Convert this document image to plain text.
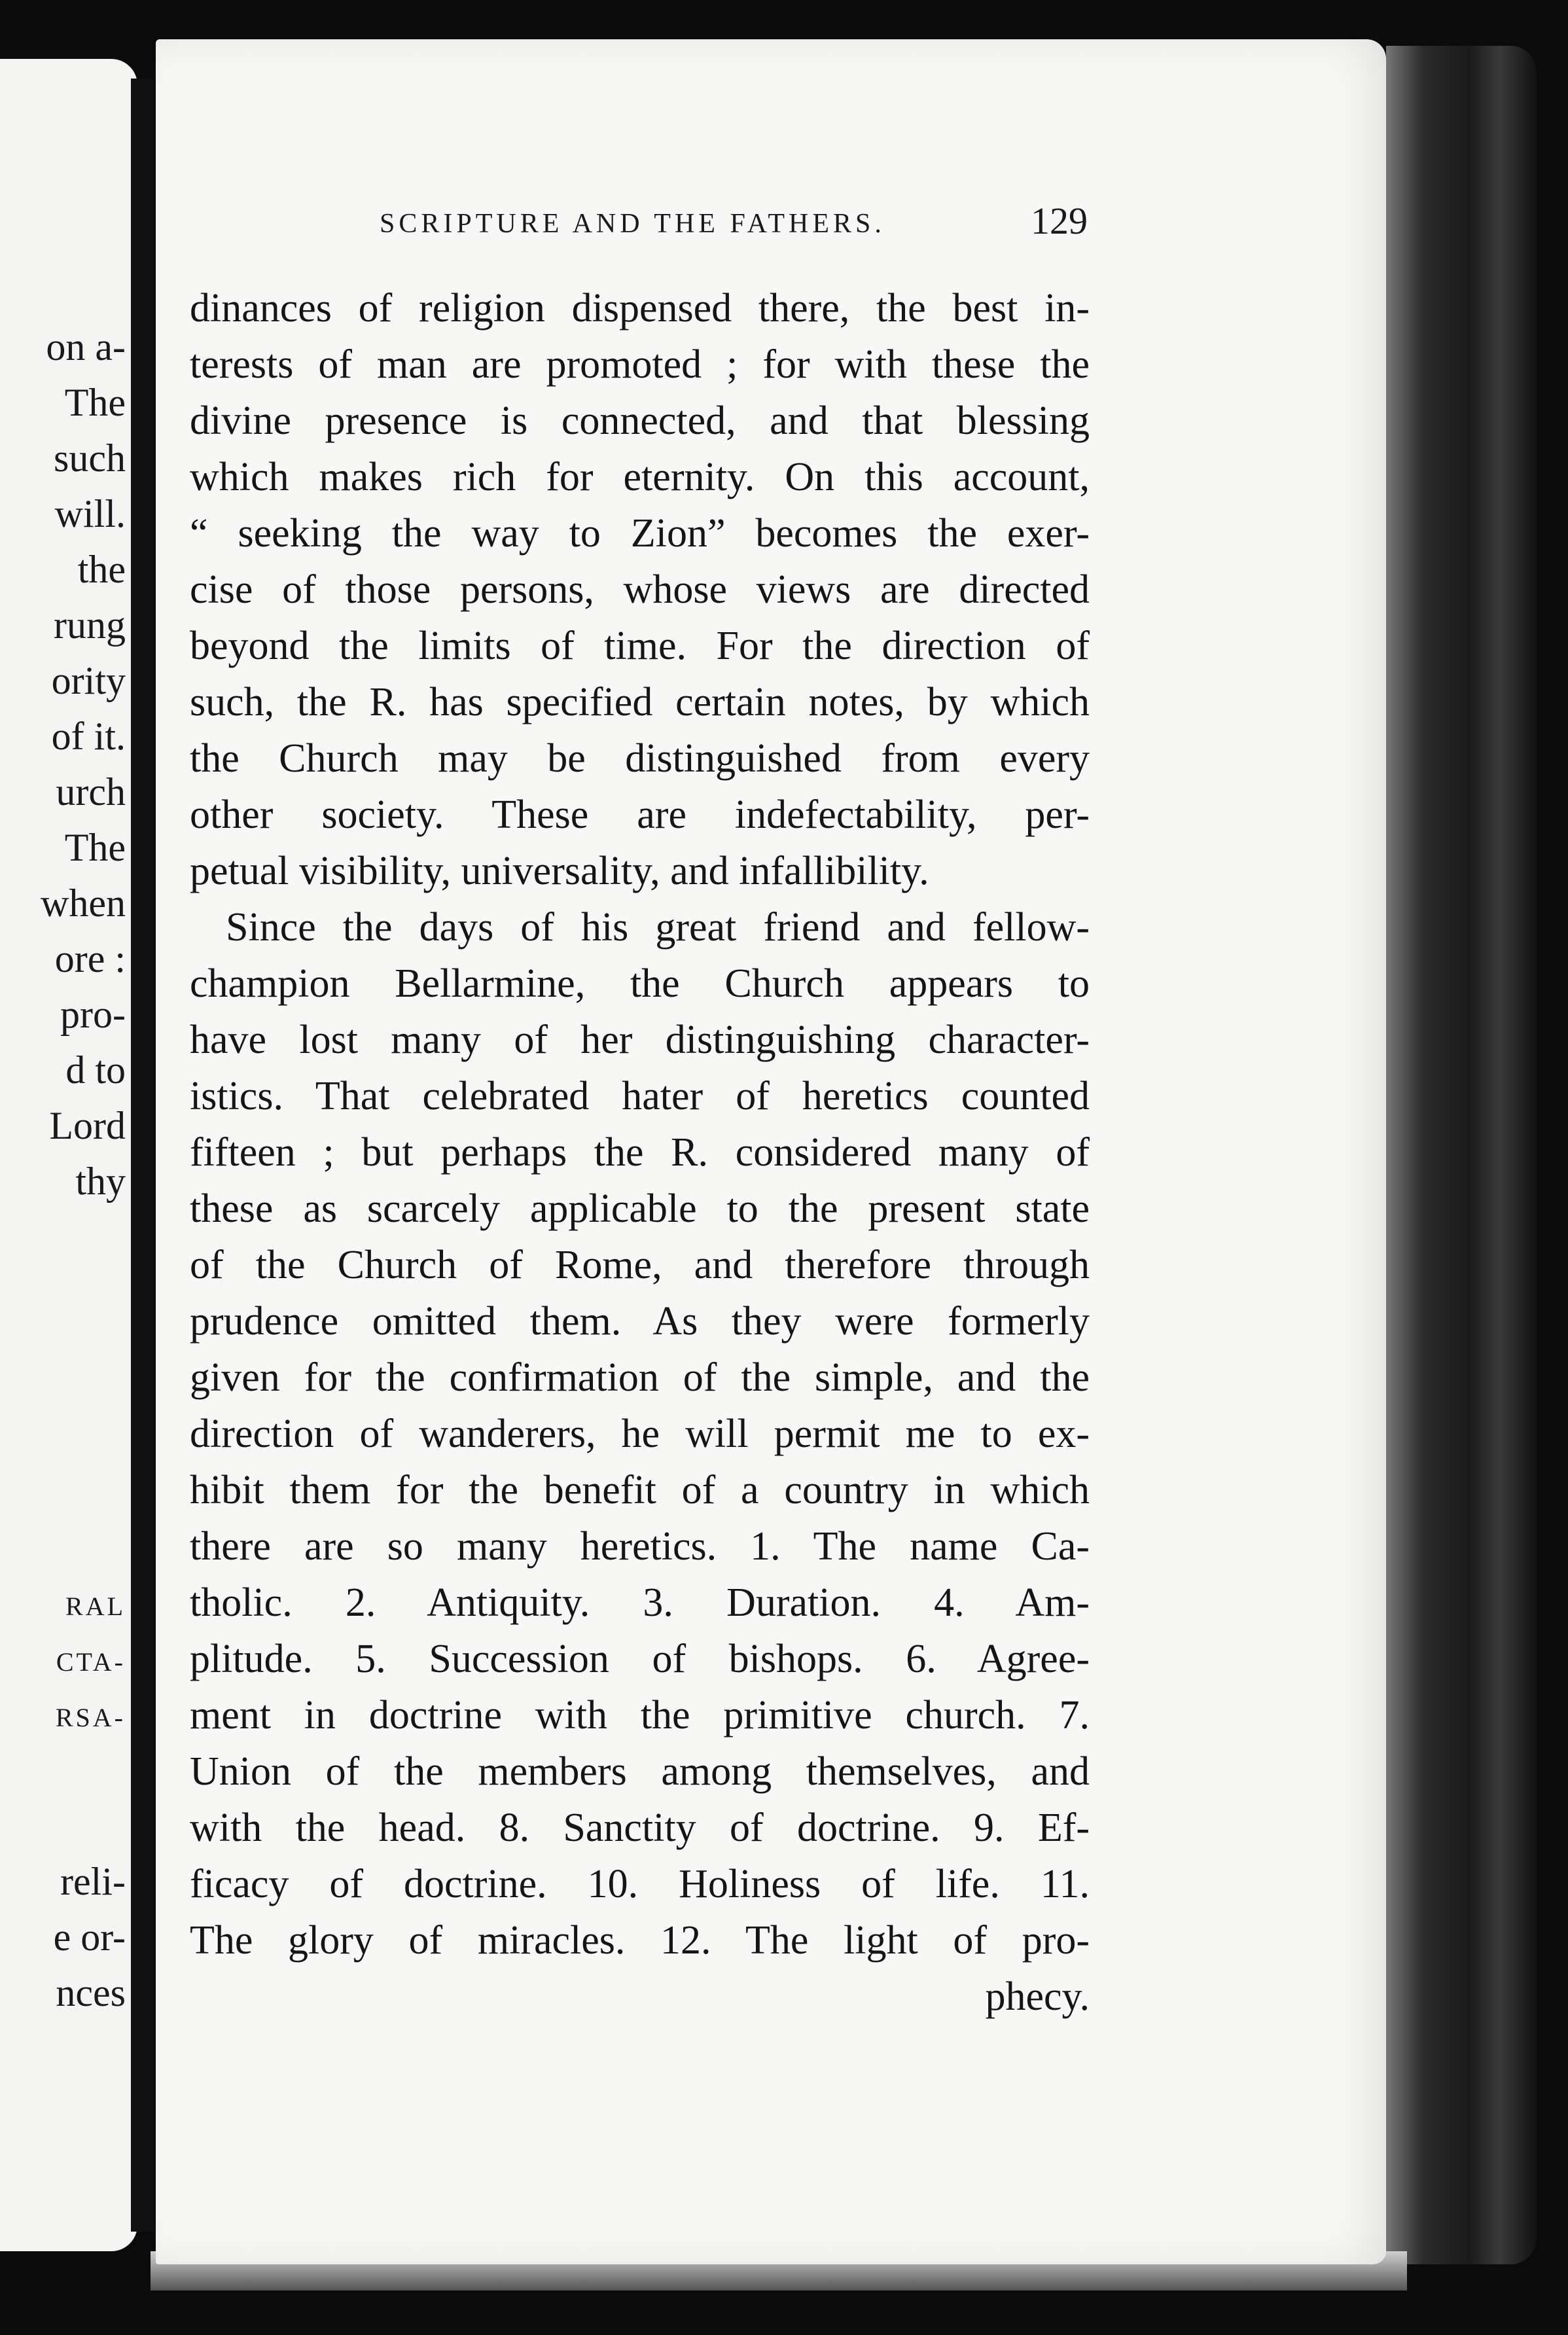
on a-
The
such
will.
the
rung
ority
of it.
urch
The
when
ore :
pro-
d to
Lord
thy
RAL
CTA-
RSA-
reli-
e or-
nces
SCRIPTURE AND THE FATHERS.	129
dinances of religion dispensed there, the best in-
terests of man are promoted ; for with these the
divine presence is connected, and that blessing
which makes rich for eternity. On this account,
“ seeking the way to Zion” becomes the exer-
cise of those persons, whose views are directed
beyond the limits of time. For the direction of
such, the R. has specified certain notes, by which
the Church may be distinguished from every
other society. These are indefectability, per-
petual visibility, universality, and infallibility.
Since the days of his great friend and fellow-
champion Bellarmine, the Church appears to
have lost many of her distinguishing character-
istics. That celebrated hater of heretics counted
fifteen ; but perhaps the R. considered many of
these as scarcely applicable to the present state
of the Church of Rome, and therefore through
prudence omitted them. As they were formerly
given for the confirmation of the simple, and the
direction of wanderers, he will permit me to ex-
hibit them for the benefit of a country in which
there are so many heretics. 1. The name Ca-
tholic. 2. Antiquity. 3. Duration. 4. Am-
plitude. 5. Succession of bishops. 6. Agree-
ment in doctrine with the primitive church. 7.
Union of the members among themselves, and
with the head. 8. Sanctity of doctrine. 9. Ef-
ficacy of doctrine. 10. Holiness of life. 11.
The glory of miracles. 12. The light of pro-
phecy.
